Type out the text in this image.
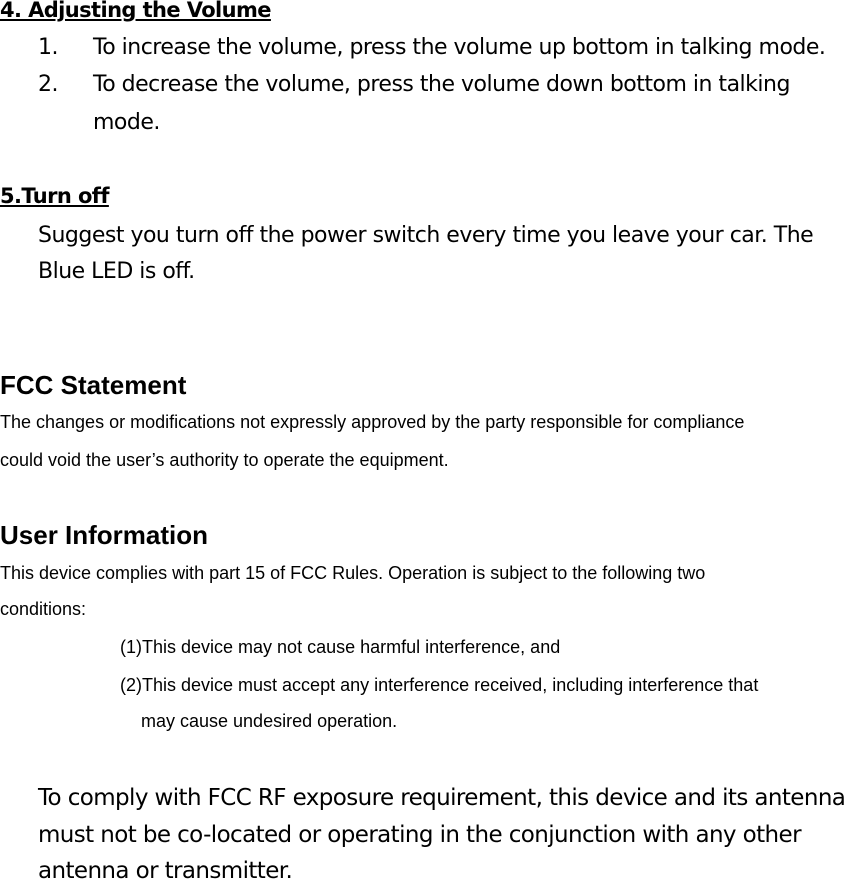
4. Adjusting the Volume
1. To increase the volume, press the volume up bottom in talking mode.
2. To decrease the volume, press the volume down bottom in talking
mode.
5.Turn off
Suggest you turn off the power switch every time you leave your car. The
Blue LED is off.
FCC Statement
The changes or modifications not expressly approved by the party responsible for compliance
could void the user’s authority to operate the equipment.
User Information
This device complies with part 15 of FCC Rules. Operation is subject to the following two
conditions:
(1)This device may not cause harmful interference, and
(2)This device must accept any interference received, including interference that
may cause undesired operation.
To comply with FCC RF exposure requirement, this device and its antenna
must not be co-located or operating in the conjunction with any other
antenna or transmitter.
